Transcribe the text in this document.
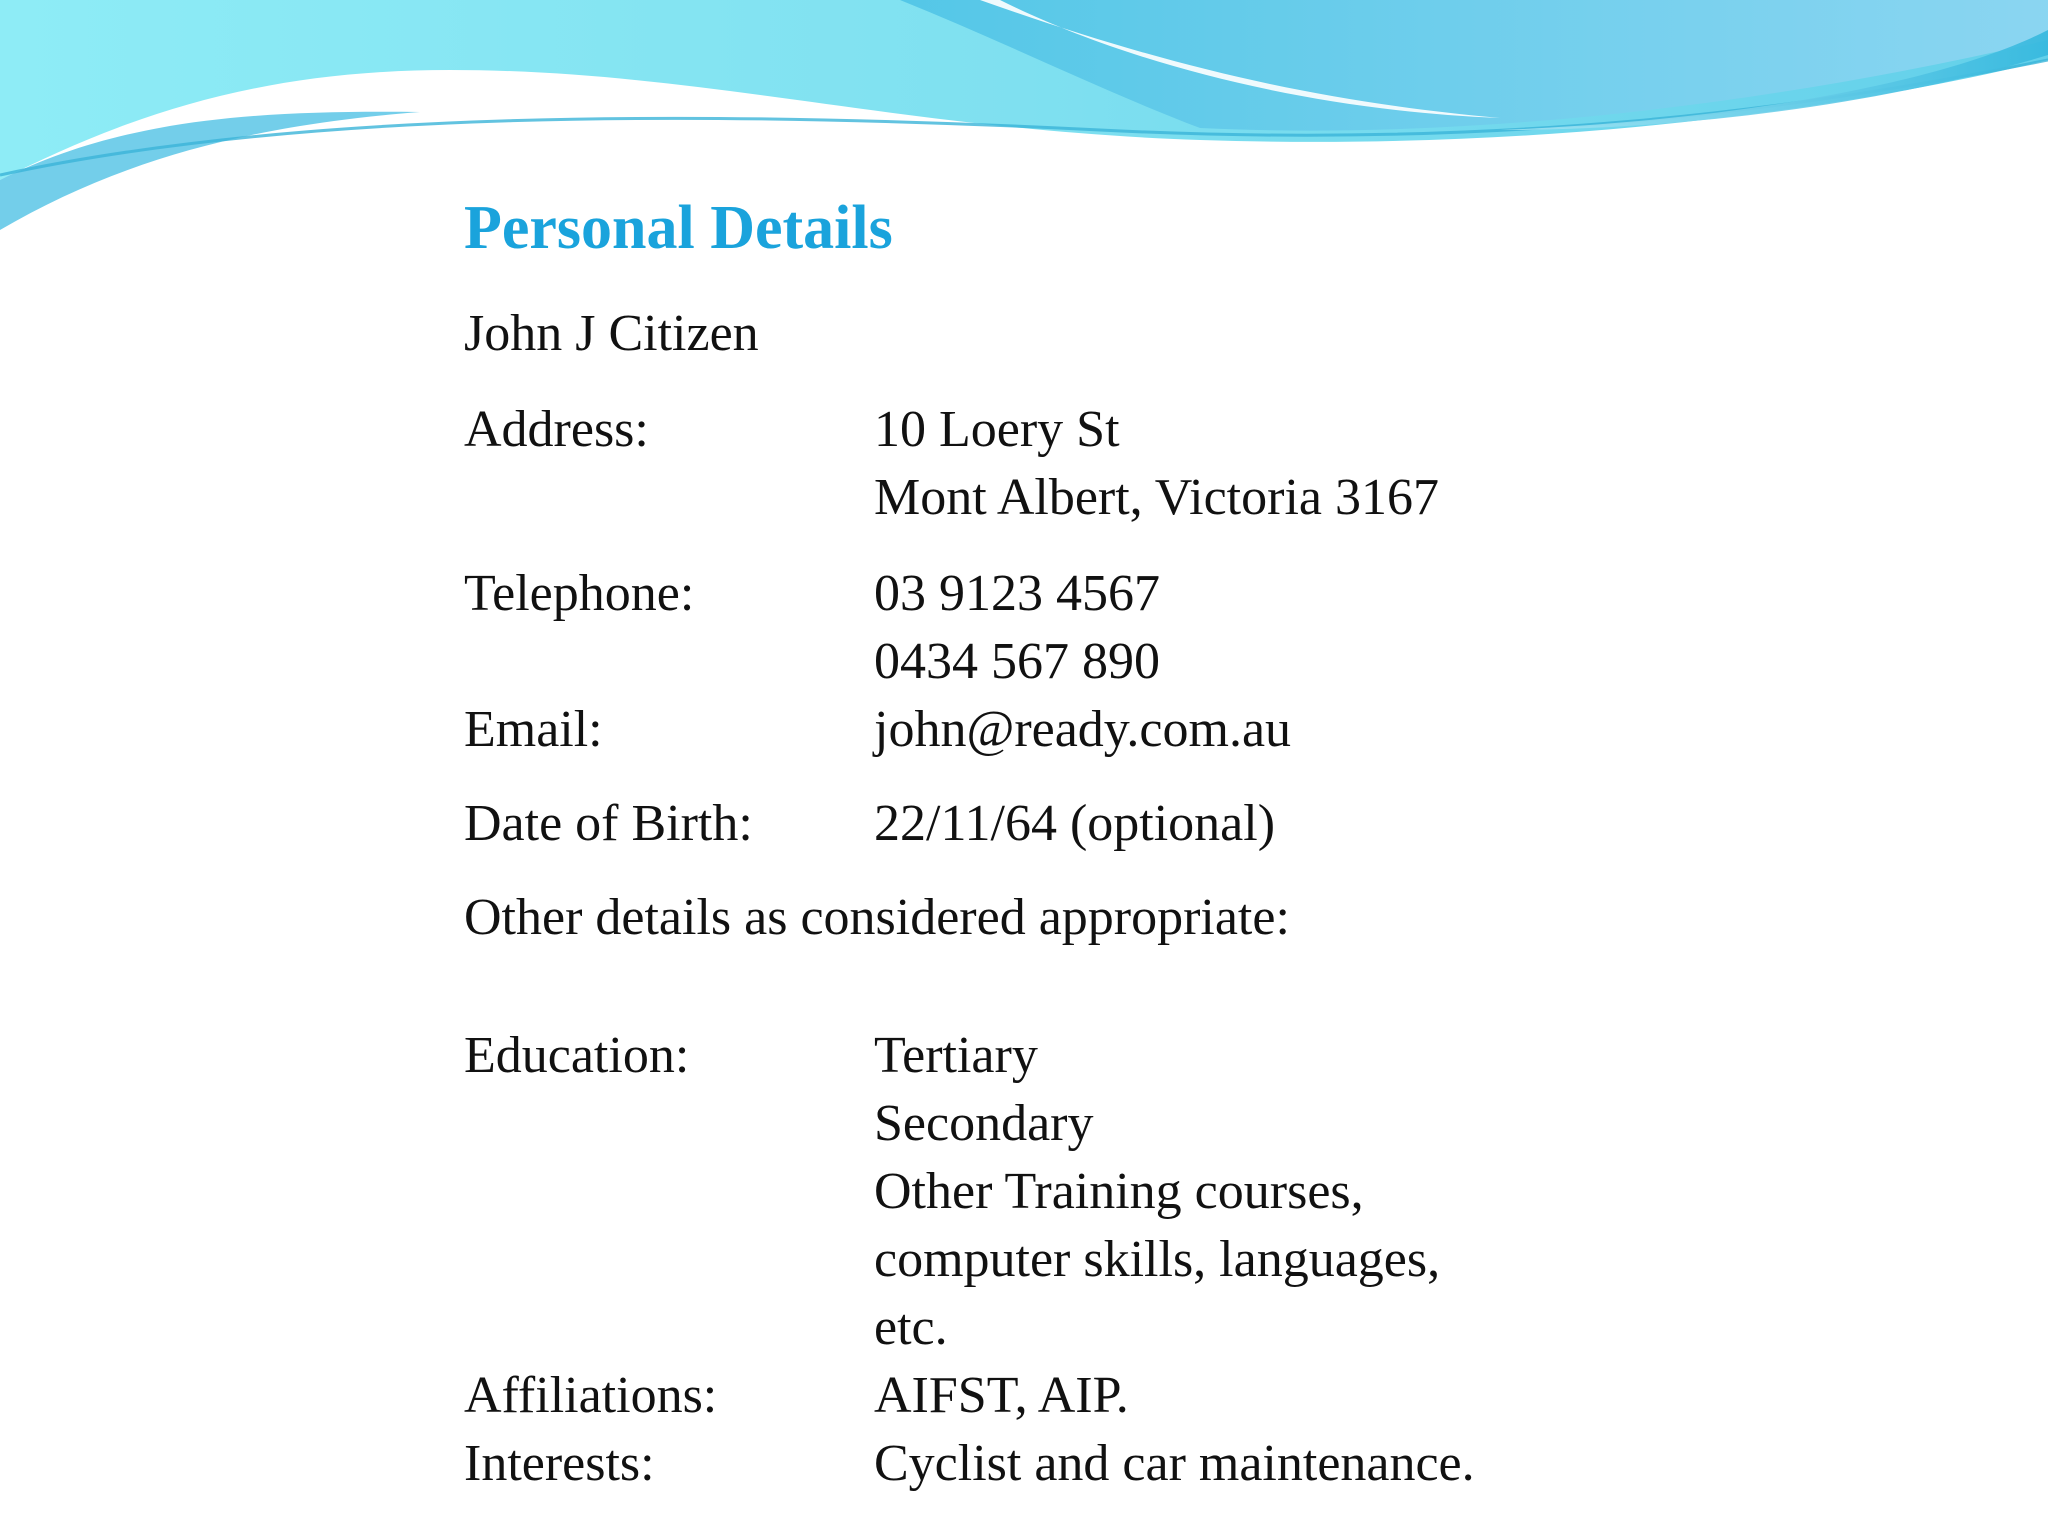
Personal Details
John J Citizen
Address:	10 Loery St
Mont Albert, Victoria 3167
Telephone:	03 9123 4567
0434 567 890
Email:	john@ready.com.au
Date of Birth: 22/11/64 (optional)
Other details as considered appropriate:
Education:	Tertiary
Secondary
Other Training courses,
computer skills, languages,
etc.
Affiliations:	AIFST, AIP.
Interests:	Cyclist and car maintenance.
